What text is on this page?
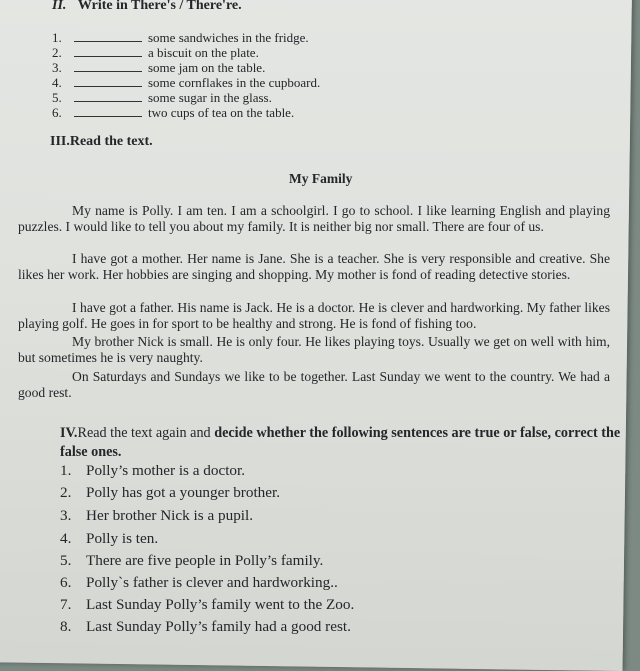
II. Write in There's / There're.
1.	some sandwiches in the fridge.
2.	a biscuit on the plate.
3.	some jam on the table.
4.	some cornflakes in the cupboard.
5.	some sugar in the glass.
6.	two cups of tea on the table.
III.Read the text.
My Family
My name is Polly. I am ten. I am a schoolgirl. I go to school. I like learning English and playing puzzles. I would like to tell you about my family. It is neither big nor small. There are four of us.
I have got a mother. Her name is Jane. She is a teacher. She is very responsible and creative. She likes her work. Her hobbies are singing and shopping. My mother is fond of reading detective stories.
I have got a father. His name is Jack. He is a doctor. He is clever and hardworking. My father likes playing golf. He goes in for sport to be healthy and strong. He is fond of fishing too.
My brother Nick is small. He is only four. He likes playing toys. Usually we get on well with him, but sometimes he is very naughty.
On Saturdays and Sundays we like to be together. Last Sunday we went to the country. We had a good rest.
IV.Read the text again and decide whether the following sentences are true or false, correct the false ones.
1. Polly’s mother is a doctor.
2. Polly has got a younger brother.
3. Her brother Nick is a pupil.
4. Polly is ten.
5. There are five people in Polly’s family.
6. Polly`s father is clever and hardworking..
7. Last Sunday Polly’s family went to the Zoo.
8. Last Sunday Polly’s family had a good rest.
